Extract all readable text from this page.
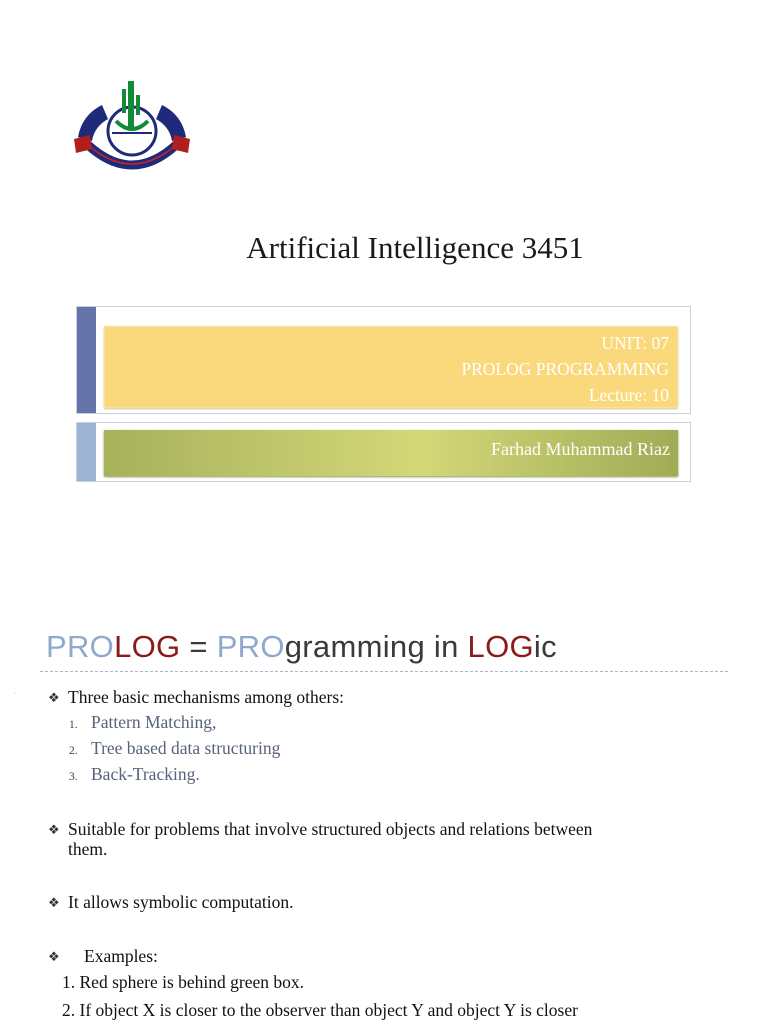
Artificial Intelligence 3451
UNIT: 07
PROLOG PROGRAMMING
Lecture: 10
Farhad Muhammad Riaz
PROLOG = PROgramming in LOGic
· ❖ Three basic mechanisms among others:
1. Pattern Matching,
2. Tree based data structuring
3. Back-Tracking.
❖ Suitable for problems that involve structured objects and relations between
them.
❖ It allows symbolic computation.
❖ Examples:
1. Red sphere is behind green box.
2. If object X is closer to the observer than object Y and object Y is closer
